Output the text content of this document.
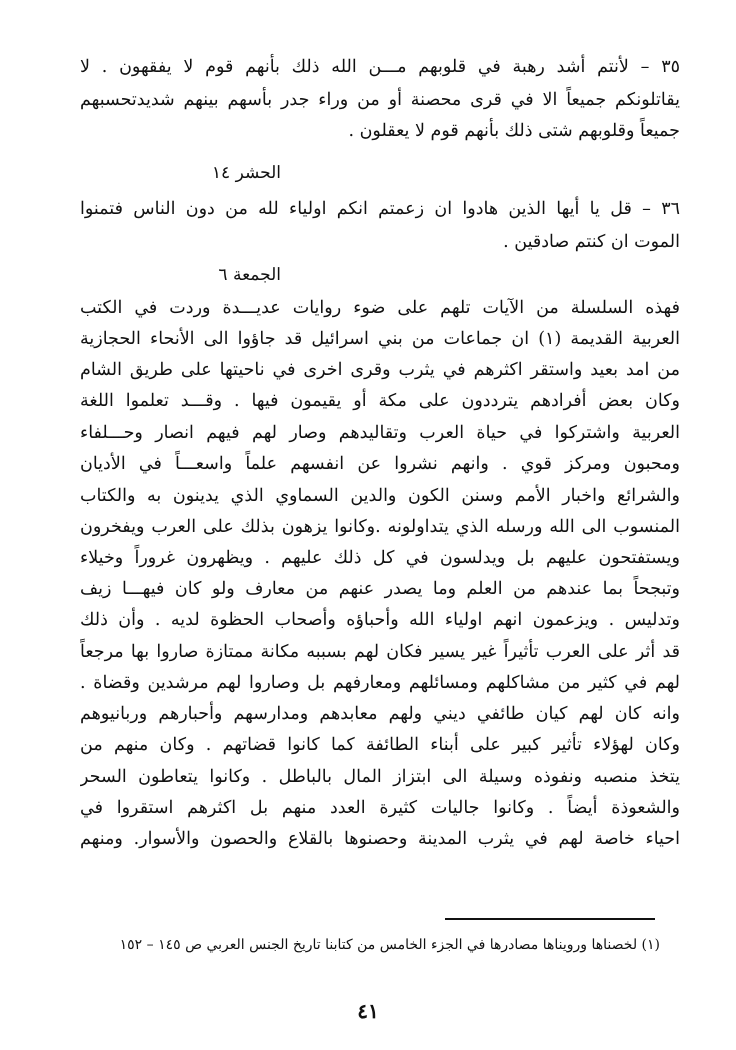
٣٥ – لأنتم أشد رهبة في قلوبهم مـــن الله ذلك بأنهم قوم لا يفقهون . لا
يقاتلونكم جميعاً الا في قرى محصنة أو من وراء جدر بأسهم بينهم شديدتحسبهم
جميعاً وقلوبهم شتى ذلك بأنهم قوم لا يعقلون .
الحشر ١٤
٣٦ – قل يا أيها الذين هادوا ان زعمتم انكم اولياء لله من دون الناس فتمنوا
الموت ان كنتم صادقين .
الجمعة ٦
فهذه السلسلة من الآيات تلهم على ضوء روايات عديـــدة وردت في الكتب
العربية القديمة (١) ان جماعات من بني اسرائيل قد جاؤوا الى الأنحاء الحجازية
من امد بعيد واستقر اكثرهم في يثرب وقرى اخرى في ناحيتها على طريق الشام
وكان بعض أفرادهم يترددون على مكة أو يقيمون فيها . وقـــد تعلموا اللغة
العربية واشتركوا في حياة العرب وتقاليدهم وصار لهم فيهم انصار وحـــلفاء
ومحبون ومركز قوي . وانهم نشروا عن انفسهم علماً واسعـــاً في الأديان
والشرائع واخبار الأمم وسنن الكون والدين السماوي الذي يدينون به والكتاب
المنسوب الى الله ورسله الذي يتداولونه .وكانوا يزهون بذلك على العرب ويفخرون
ويستفتحون عليهم بل ويدلسون في كل ذلك عليهم . ويظهرون غروراً وخيلاء
وتبجحاً بما عندهم من العلم وما يصدر عنهم من معارف ولو كان فيهـــا زيف
وتدليس . ويزعمون انهم اولياء الله وأحباؤه وأصحاب الحظوة لديه . وأن ذلك
قد أثر على العرب تأثيراً غير يسير فكان لهم بسببه مكانة ممتازة صاروا بها مرجعاً
لهم في كثير من مشاكلهم ومسائلهم ومعارفهم بل وصاروا لهم مرشدين وقضاة .
وانه كان لهم كيان طائفي ديني ولهم معابدهم ومدارسهم وأحبارهم وربانيوهم
وكان لهؤلاء تأثير كبير على أبناء الطائفة كما كانوا قضاتهم . وكان منهم من
يتخذ منصبه ونفوذه وسيلة الى ابتزاز المال بالباطل . وكانوا يتعاطون السحر
والشعوذة أيضاً . وكانوا جاليات كثيرة العدد منهم بل اكثرهم استقروا في
احياء خاصة لهم في يثرب المدينة وحصنوها بالقلاع والحصون والأسوار. ومنهم
(١) لخصناها ورويناها مصادرها في الجزء الخامس من كتابنا تاريخ الجنس العربي ص ١٤٥ – ١٥٢
٤١
